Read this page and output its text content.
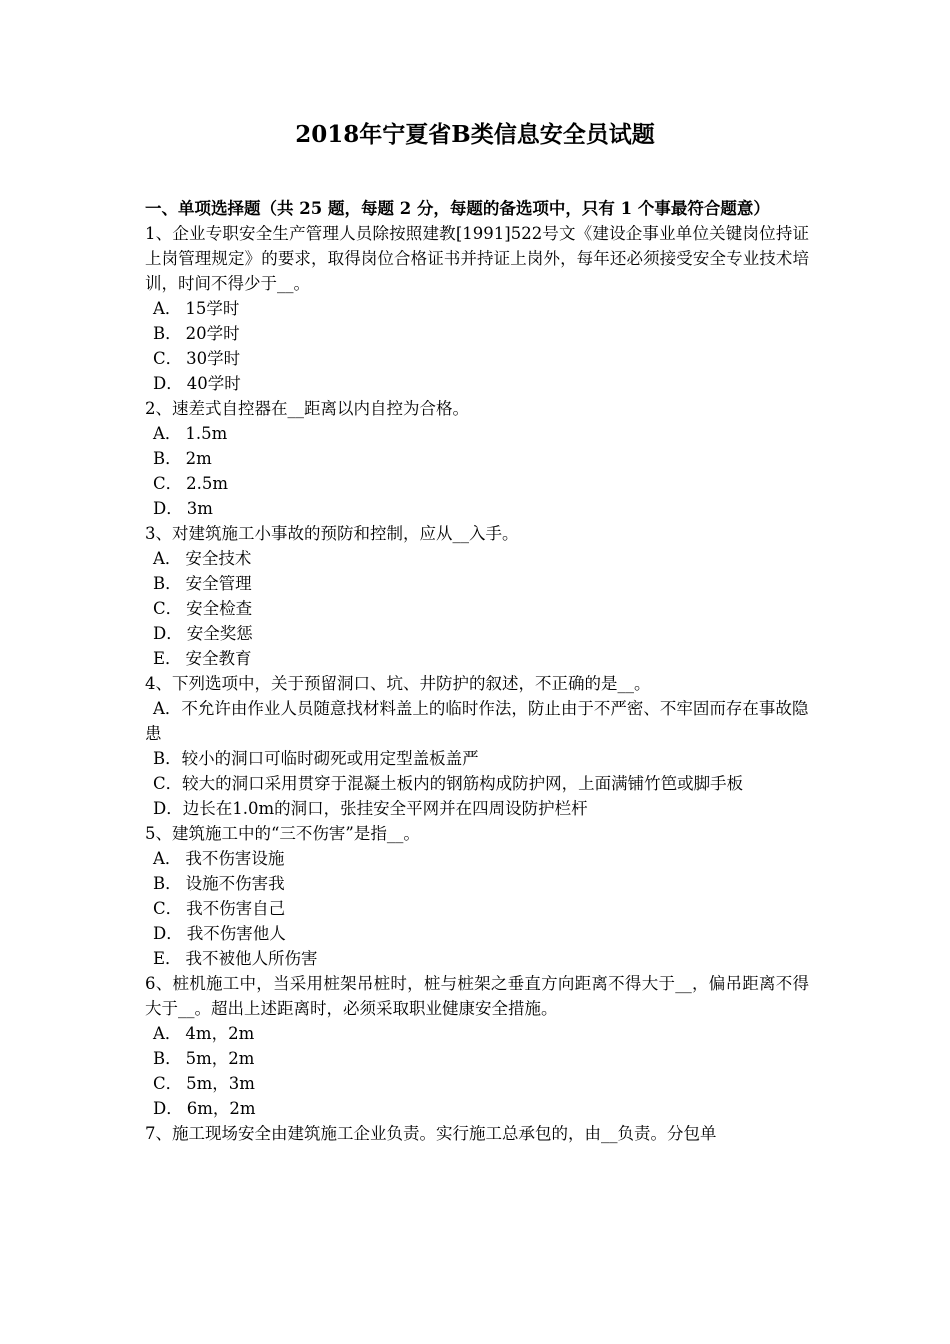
2018年宁夏省B类信息安全员试题
一、单项选择题（共 25 题，每题 2 分，每题的备选项中，只有 1 个事最符合题意）
1、企业专职安全生产管理人员除按照建教[1991]522号文《建设企事业单位关键岗位持证上岗管理规定》的要求，取得岗位合格证书并持证上岗外，每年还必须接受安全专业技术培训，时间不得少于__。
A． 15学时
B． 20学时
C． 30学时
D． 40学时
2、速差式自控器在__距离以内自控为合格。
A． 1.5m
B． 2m
C． 2.5m
D． 3m
3、对建筑施工小事故的预防和控制，应从__入手。
A． 安全技术
B． 安全管理
C． 安全检查
D． 安全奖惩
E． 安全教育
4、下列选项中，关于预留洞口、坑、井防护的叙述，不正确的是__。
A．不允许由作业人员随意找材料盖上的临时作法，防止由于不严密、不牢固而存在事故隐患
B．较小的洞口可临时砌死或用定型盖板盖严
C．较大的洞口采用贯穿于混凝土板内的钢筋构成防护网，上面满铺竹笆或脚手板
D．边长在1.0m的洞口，张挂安全平网并在四周设防护栏杆
5、建筑施工中的“三不伤害”是指__。
A． 我不伤害设施
B． 设施不伤害我
C． 我不伤害自己
D． 我不伤害他人
E． 我不被他人所伤害
6、桩机施工中，当采用桩架吊桩时，桩与桩架之垂直方向距离不得大于__，偏吊距离不得大于__。超出上述距离时，必须采取职业健康安全措施。
A． 4m，2m
B． 5m，2m
C． 5m，3m
D． 6m，2m
7、施工现场安全由建筑施工企业负责。实行施工总承包的，由__负责。分包单
